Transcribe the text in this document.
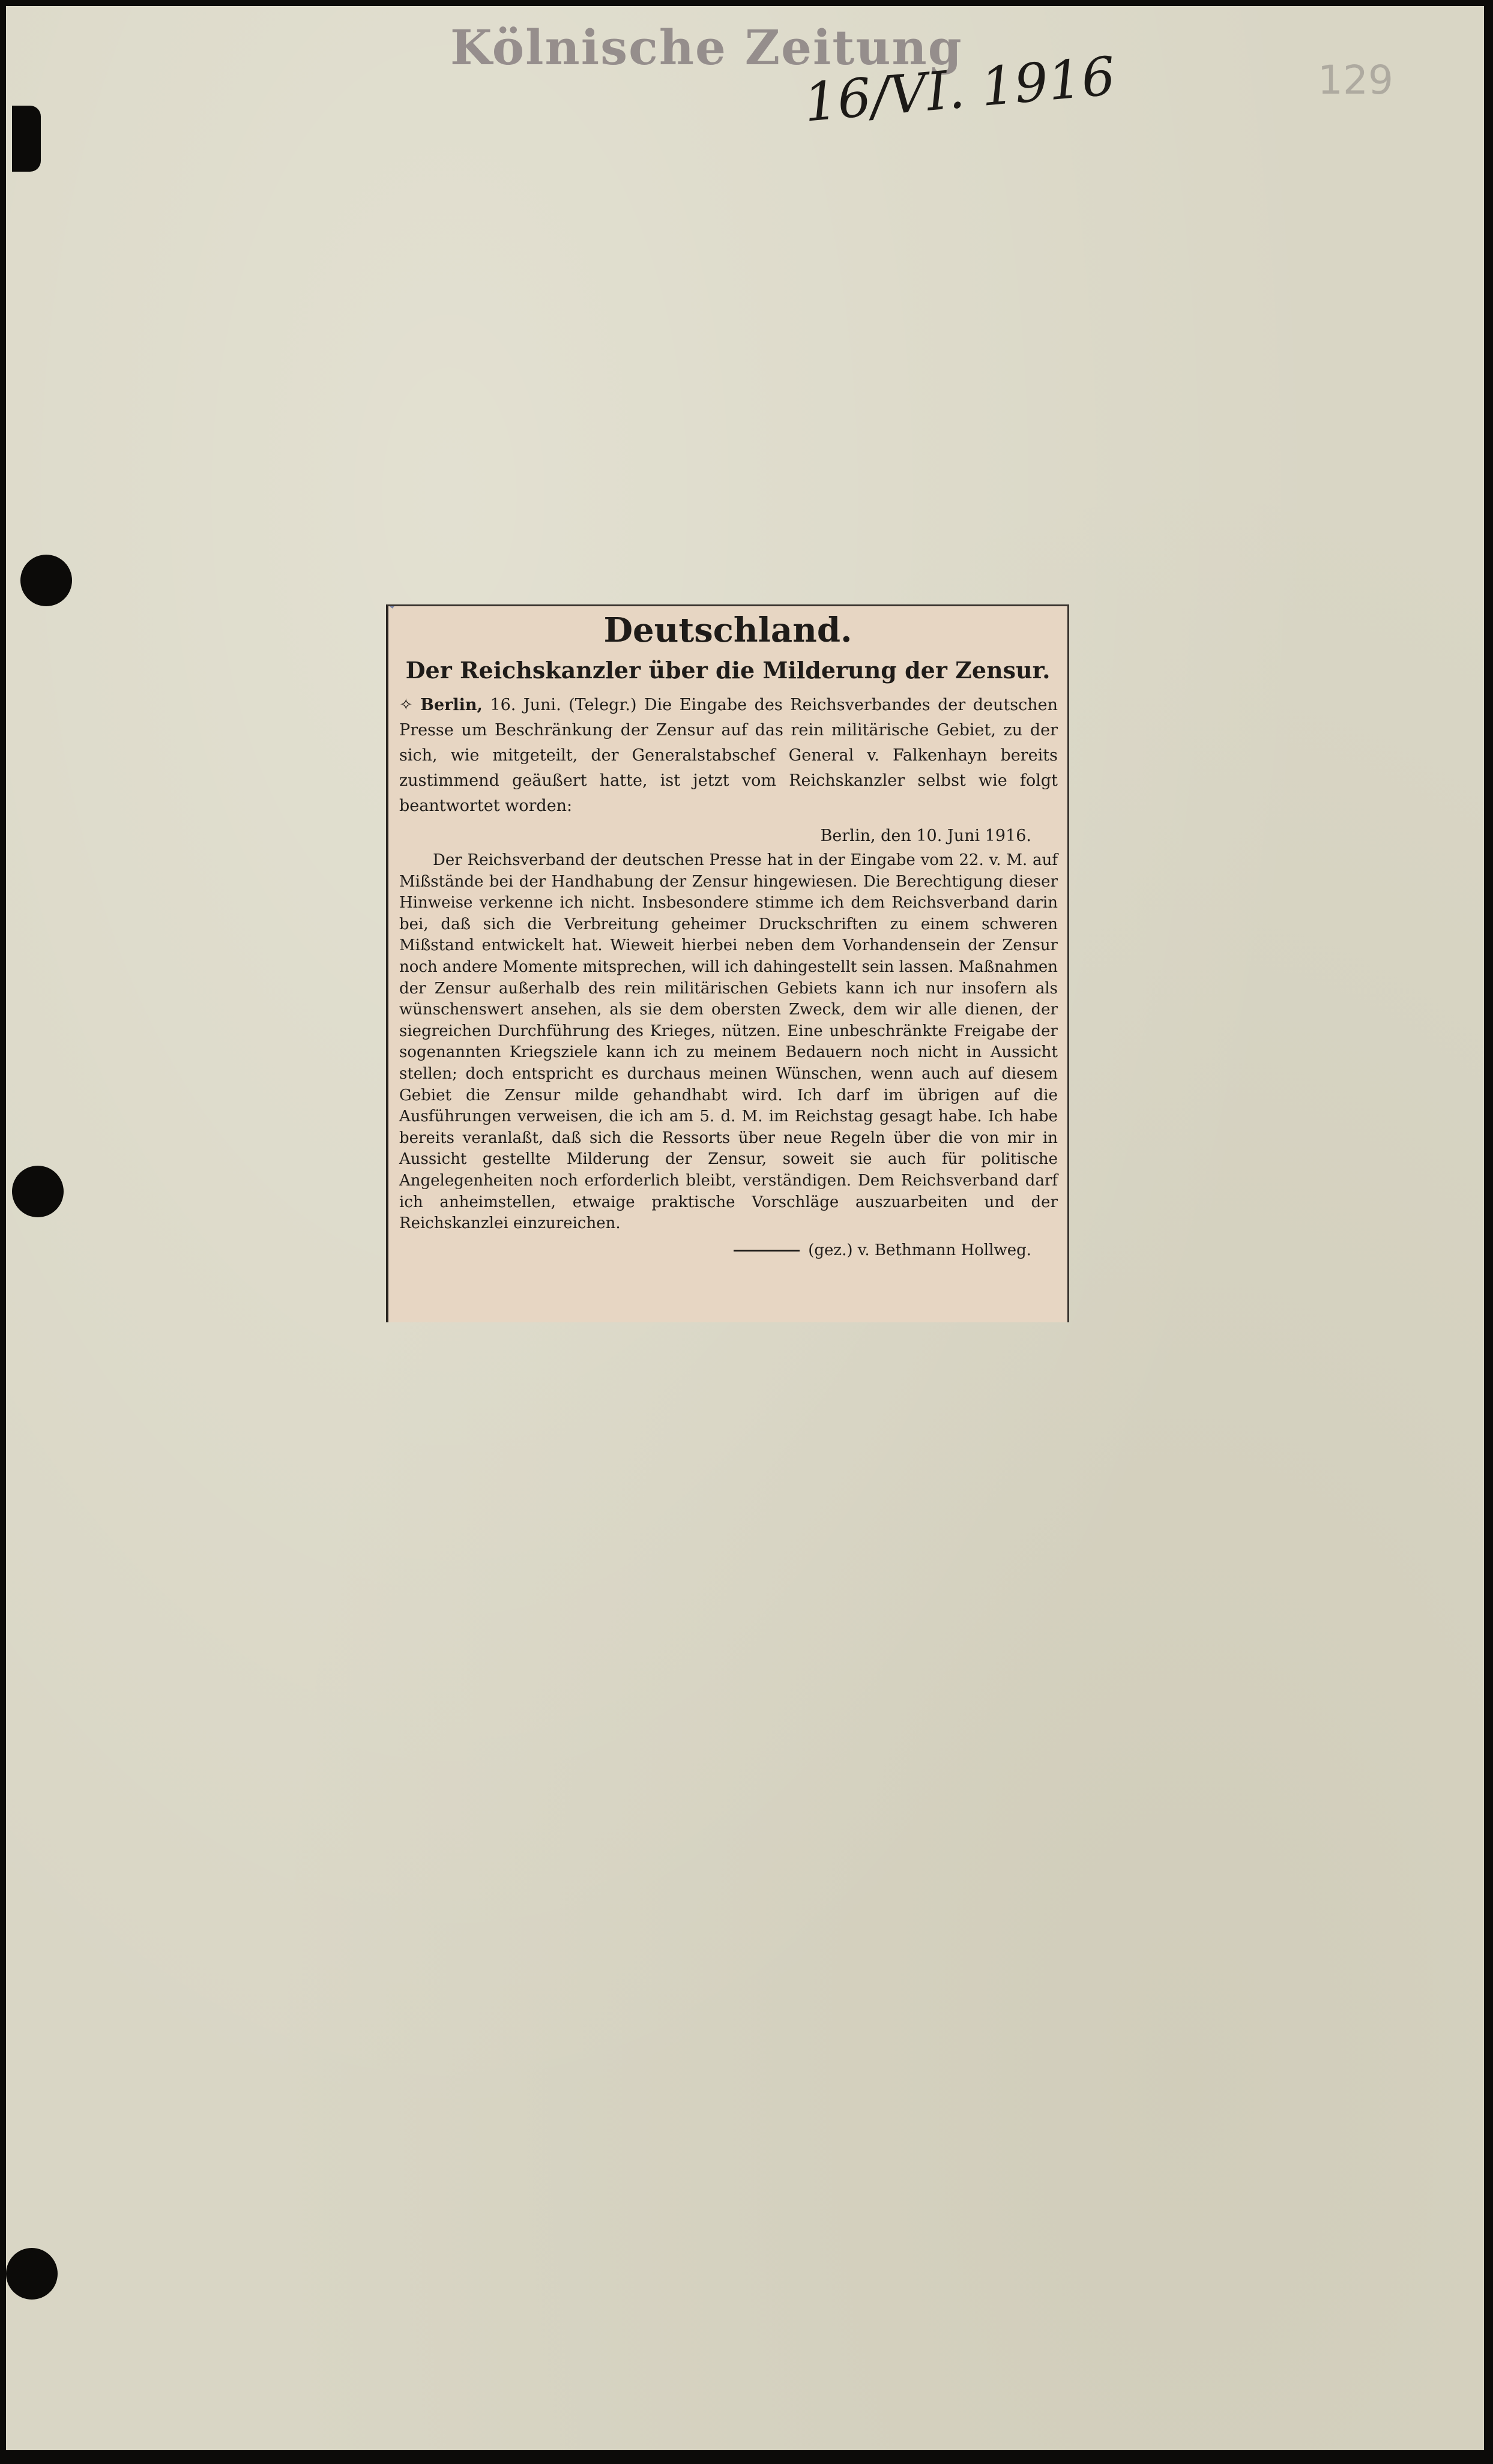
Kölnische Zeitung
16/VI. 1916	129
Deutschland.
Der Reichskanzler über die Milderung der Zensur.
✧ Berlin, 16. Juni. (Telegr.) Die Eingabe des Reichsverbandes der deutschen Presse um Beschränkung der Zensur auf das rein militärische Gebiet, zu der sich, wie mitgeteilt, der Generalstabschef General v. Falkenhayn bereits zustimmend geäußert hatte, ist jetzt vom Reichskanzler selbst wie folgt beantwortet worden:
Berlin, den 10. Juni 1916.
Der Reichsverband der deutschen Presse hat in der Eingabe vom 22. v. M. auf Mißstände bei der Handhabung der Zensur hingewiesen. Die Berechtigung dieser Hinweise verkenne ich nicht. Insbesondere stimme ich dem Reichsverband darin bei, daß sich die Verbreitung geheimer Druckschriften zu einem schweren Mißstand entwickelt hat. Wieweit hierbei neben dem Vorhandensein der Zensur noch andere Momente mitsprechen, will ich dahingestellt sein lassen. Maßnahmen der Zensur außerhalb des rein militärischen Gebiets kann ich nur insofern als wünschenswert ansehen, als sie dem obersten Zweck, dem wir alle dienen, der siegreichen Durchführung des Krieges, nützen. Eine unbeschränkte Freigabe der sogenannten Kriegsziele kann ich zu meinem Bedauern noch nicht in Aussicht stellen; doch entspricht es durchaus meinen Wünschen, wenn auch auf diesem Gebiet die Zensur milde gehandhabt wird. Ich darf im übrigen auf die Ausführungen verweisen, die ich am 5. d. M. im Reichstag gesagt habe. Ich habe bereits veranlaßt, daß sich die Ressorts über neue Regeln über die von mir in Aussicht gestellte Milderung der Zensur, soweit sie auch für politische Angelegenheiten noch erforderlich bleibt, verständigen. Dem Reichsverband darf ich anheimstellen, etwaige praktische Vorschläge auszuarbeiten und der Reichskanzlei einzureichen.
(gez.) v. Bethmann Hollweg.
